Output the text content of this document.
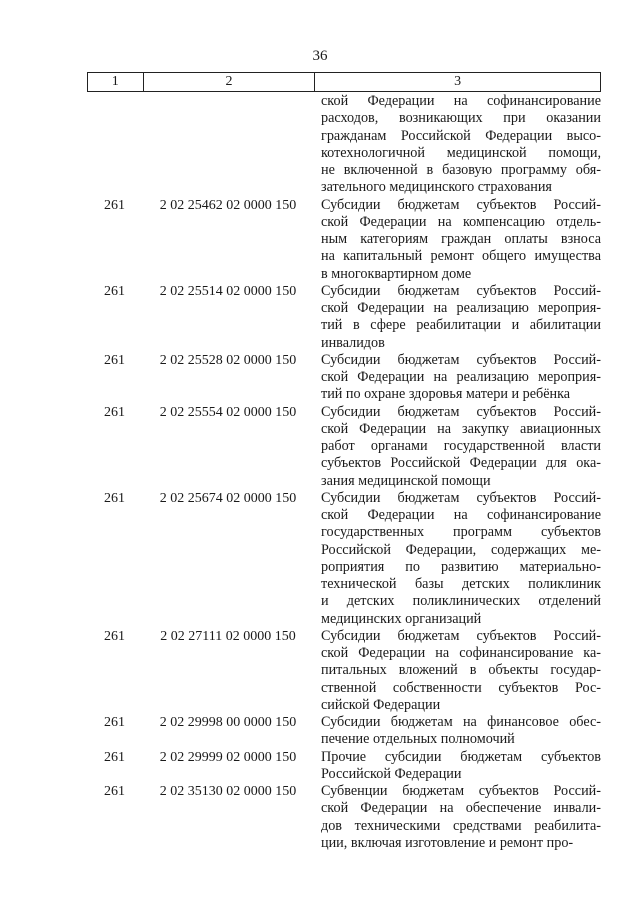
36
1	2	3
ской Федерации на софинансирование
расходов, возникающих при оказании
гражданам Российской Федерации высо-
котехнологичной медицинской помощи,
не включенной в базовую программу обя-
зательного медицинского страхования
261	2 02 25462 02 0000 150	Субсидии бюджетам субъектов Россий-
ской Федерации на компенсацию отдель-
ным категориям граждан оплаты взноса
на капитальный ремонт общего имущества
в многоквартирном доме
261	2 02 25514 02 0000 150	Субсидии бюджетам субъектов Россий-
ской Федерации на реализацию мероприя-
тий в сфере реабилитации и абилитации
инвалидов
261	2 02 25528 02 0000 150	Субсидии бюджетам субъектов Россий-
ской Федерации на реализацию мероприя-
тий по охране здоровья матери и ребёнка
261	2 02 25554 02 0000 150	Субсидии бюджетам субъектов Россий-
ской Федерации на закупку авиационных
работ органами государственной власти
субъектов Российской Федерации для ока-
зания медицинской помощи
261	2 02 25674 02 0000 150	Субсидии бюджетам субъектов Россий-
ской Федерации на софинансирование
государственных программ субъектов
Российской Федерации, содержащих ме-
роприятия по развитию материально-
технической базы детских поликлиник
и детских поликлинических отделений
медицинских организаций
261	2 02 27111 02 0000 150	Субсидии бюджетам субъектов Россий-
ской Федерации на софинансирование ка-
питальных вложений в объекты государ-
ственной собственности субъектов Рос-
сийской Федерации
261	2 02 29998 00 0000 150	Субсидии бюджетам на финансовое обес-
печение отдельных полномочий
261	2 02 29999 02 0000 150	Прочие субсидии бюджетам субъектов
Российской Федерации
261	2 02 35130 02 0000 150	Субвенции бюджетам субъектов Россий-
ской Федерации на обеспечение инвали-
дов техническими средствами реабилита-
ции, включая изготовление и ремонт про-
